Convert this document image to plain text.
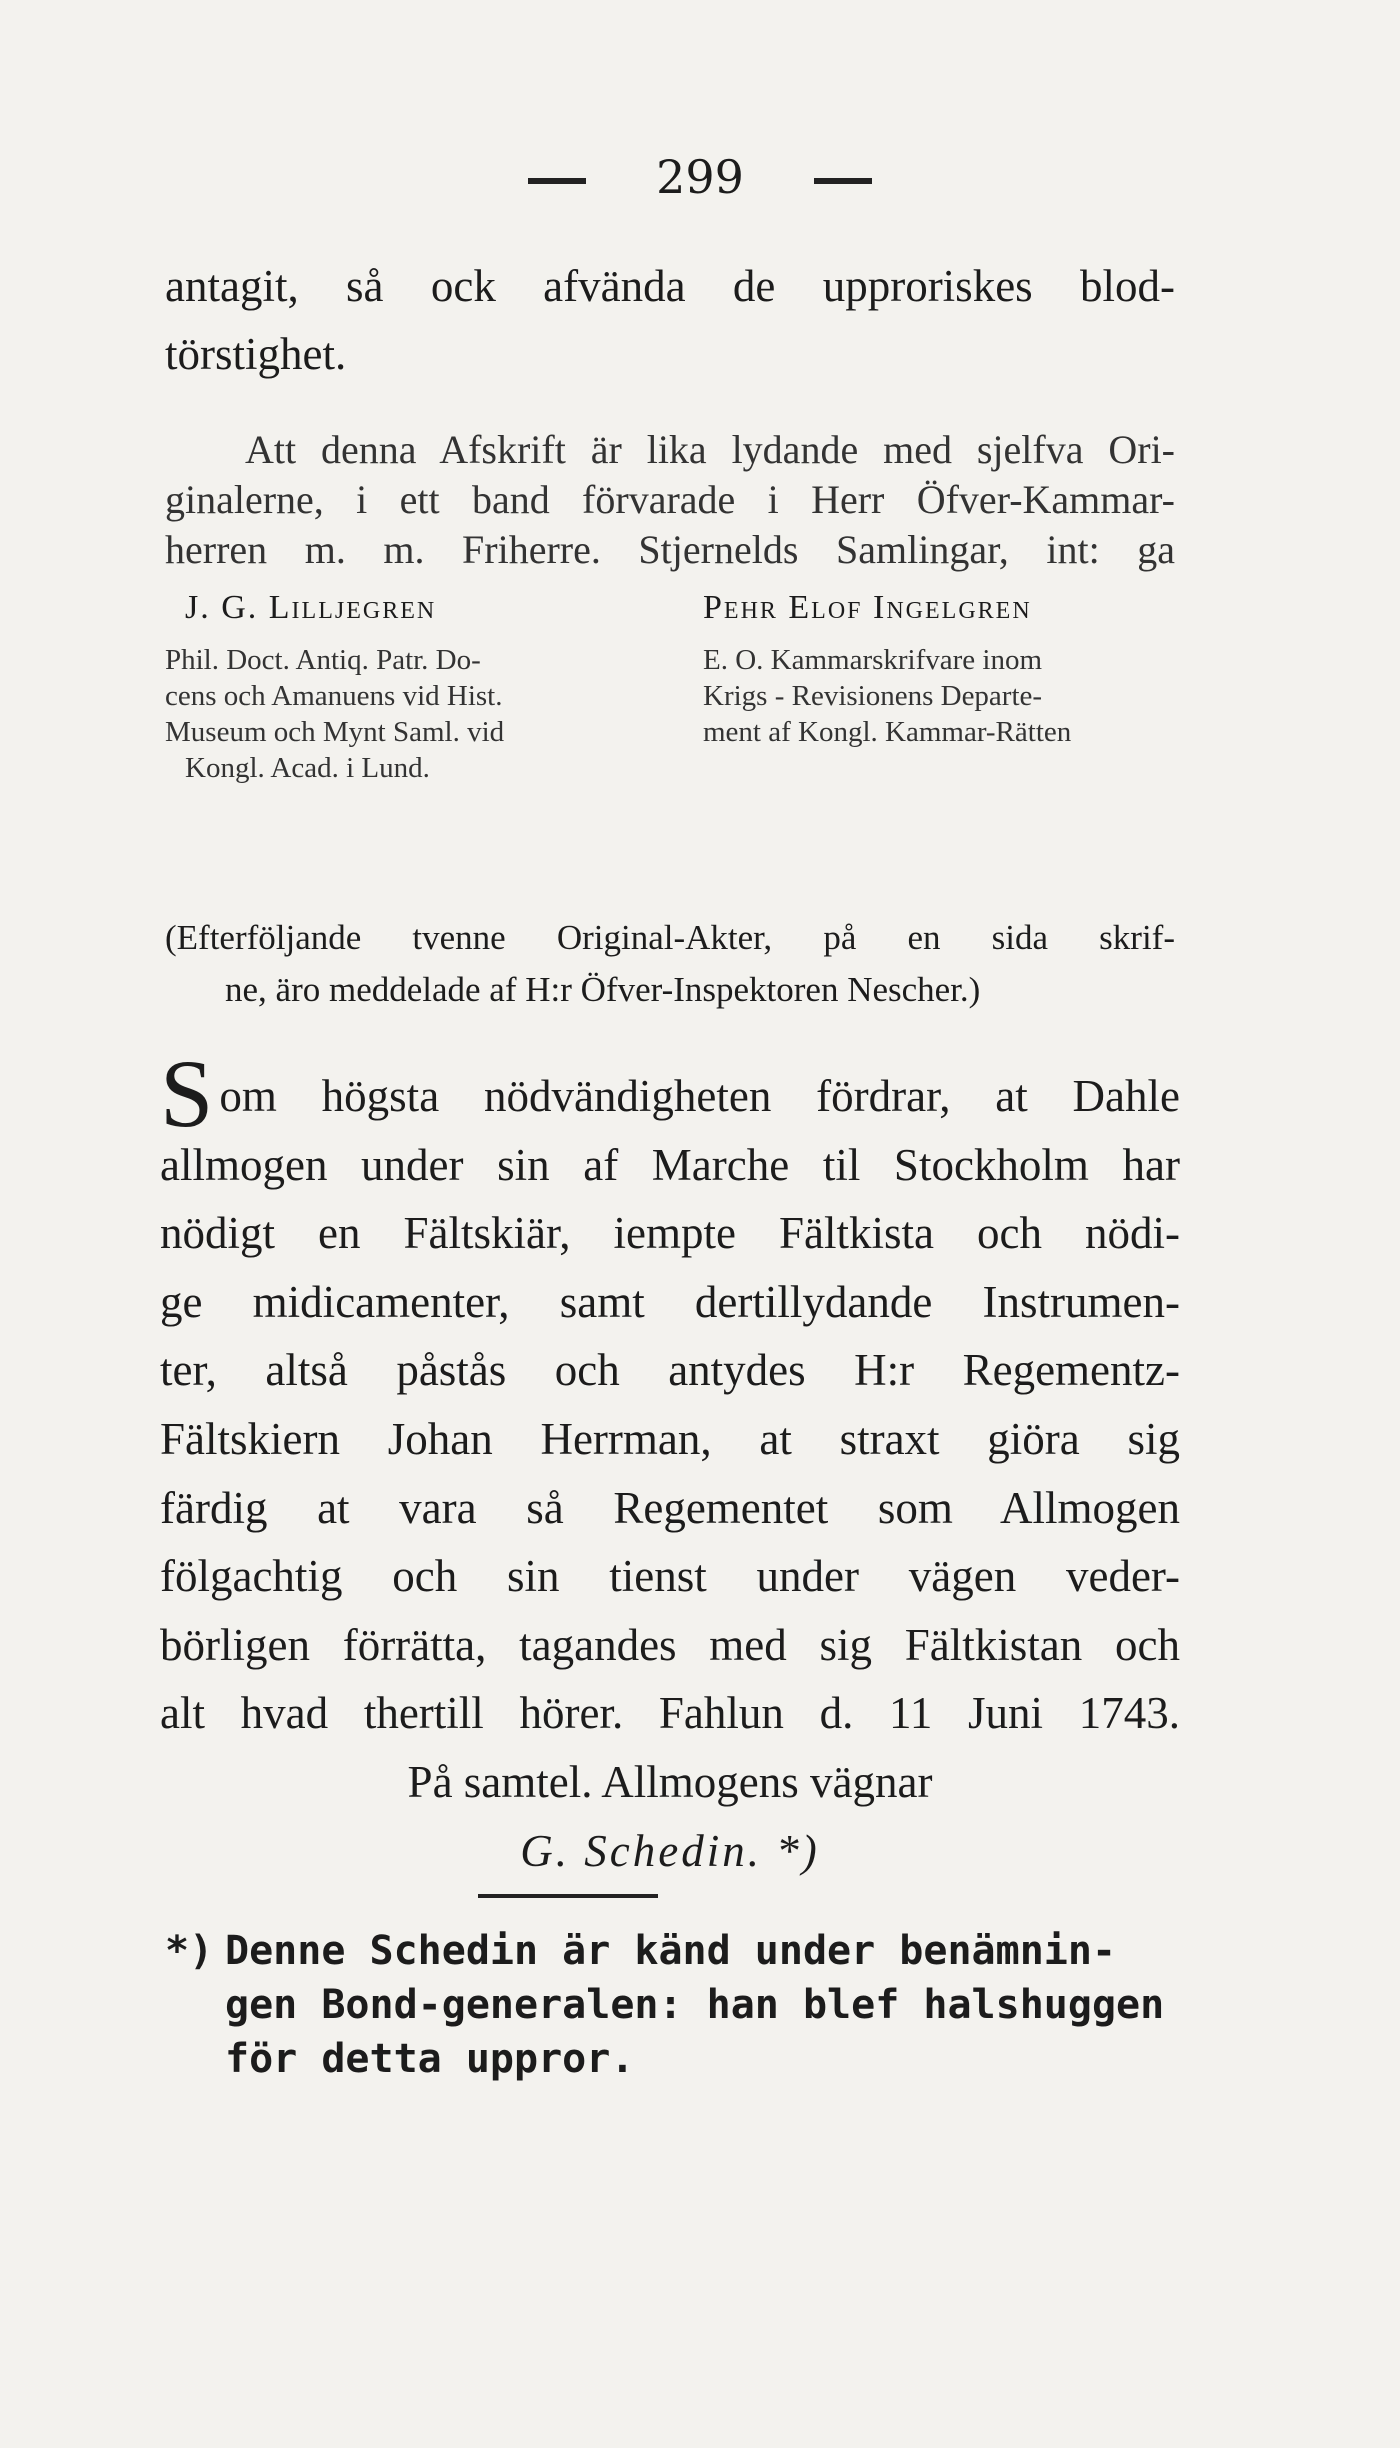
299
antagit, så ock afvända de upproriskes blod-
törstighet.
Att denna Afskrift är lika lydande med sjelfva Ori-
ginalerne, i ett band förvarade i Herr Öfver-Kammar-
herren m. m. Friherre. Stjernelds Samlingar, int: ga
J. G. Lilljegren
Phil. Doct. Antiq. Patr. Do-
cens och Amanuens vid Hist.
Museum och Mynt Saml. vid
Kongl. Acad. i Lund.
Pehr Elof Ingelgren
E. O. Kammarskrifvare inom
Krigs - Revisionens Departe-
ment af Kongl. Kammar-Rätten
(Efterföljande tvenne Original-Akter, på en sida skrif-
ne, äro meddelade af H:r Öfver-Inspektoren Nescher.)
Som högsta nödvändigheten fördrar, at Dahle
allmogen under sin af Marche til Stockholm har
nödigt en Fältskiär, iempte Fältkista och nödi-
ge midicamenter, samt dertillydande Instrumen-
ter, altså påstås och antydes H:r Regementz-
Fältskiern Johan Herrman, at straxt giöra sig
färdig at vara så Regementet som Allmogen
fölgachtig och sin tienst under vägen veder-
börligen förrätta, tagandes med sig Fältkistan och
alt hvad thertill hörer. Fahlun d. 11 Juni 1743.
På samtel. Allmogens vägnar
G. Schedin. *)
*) Denne Schedin är känd under benämnin-
gen Bond-generalen: han blef halshuggen
för detta uppror.
